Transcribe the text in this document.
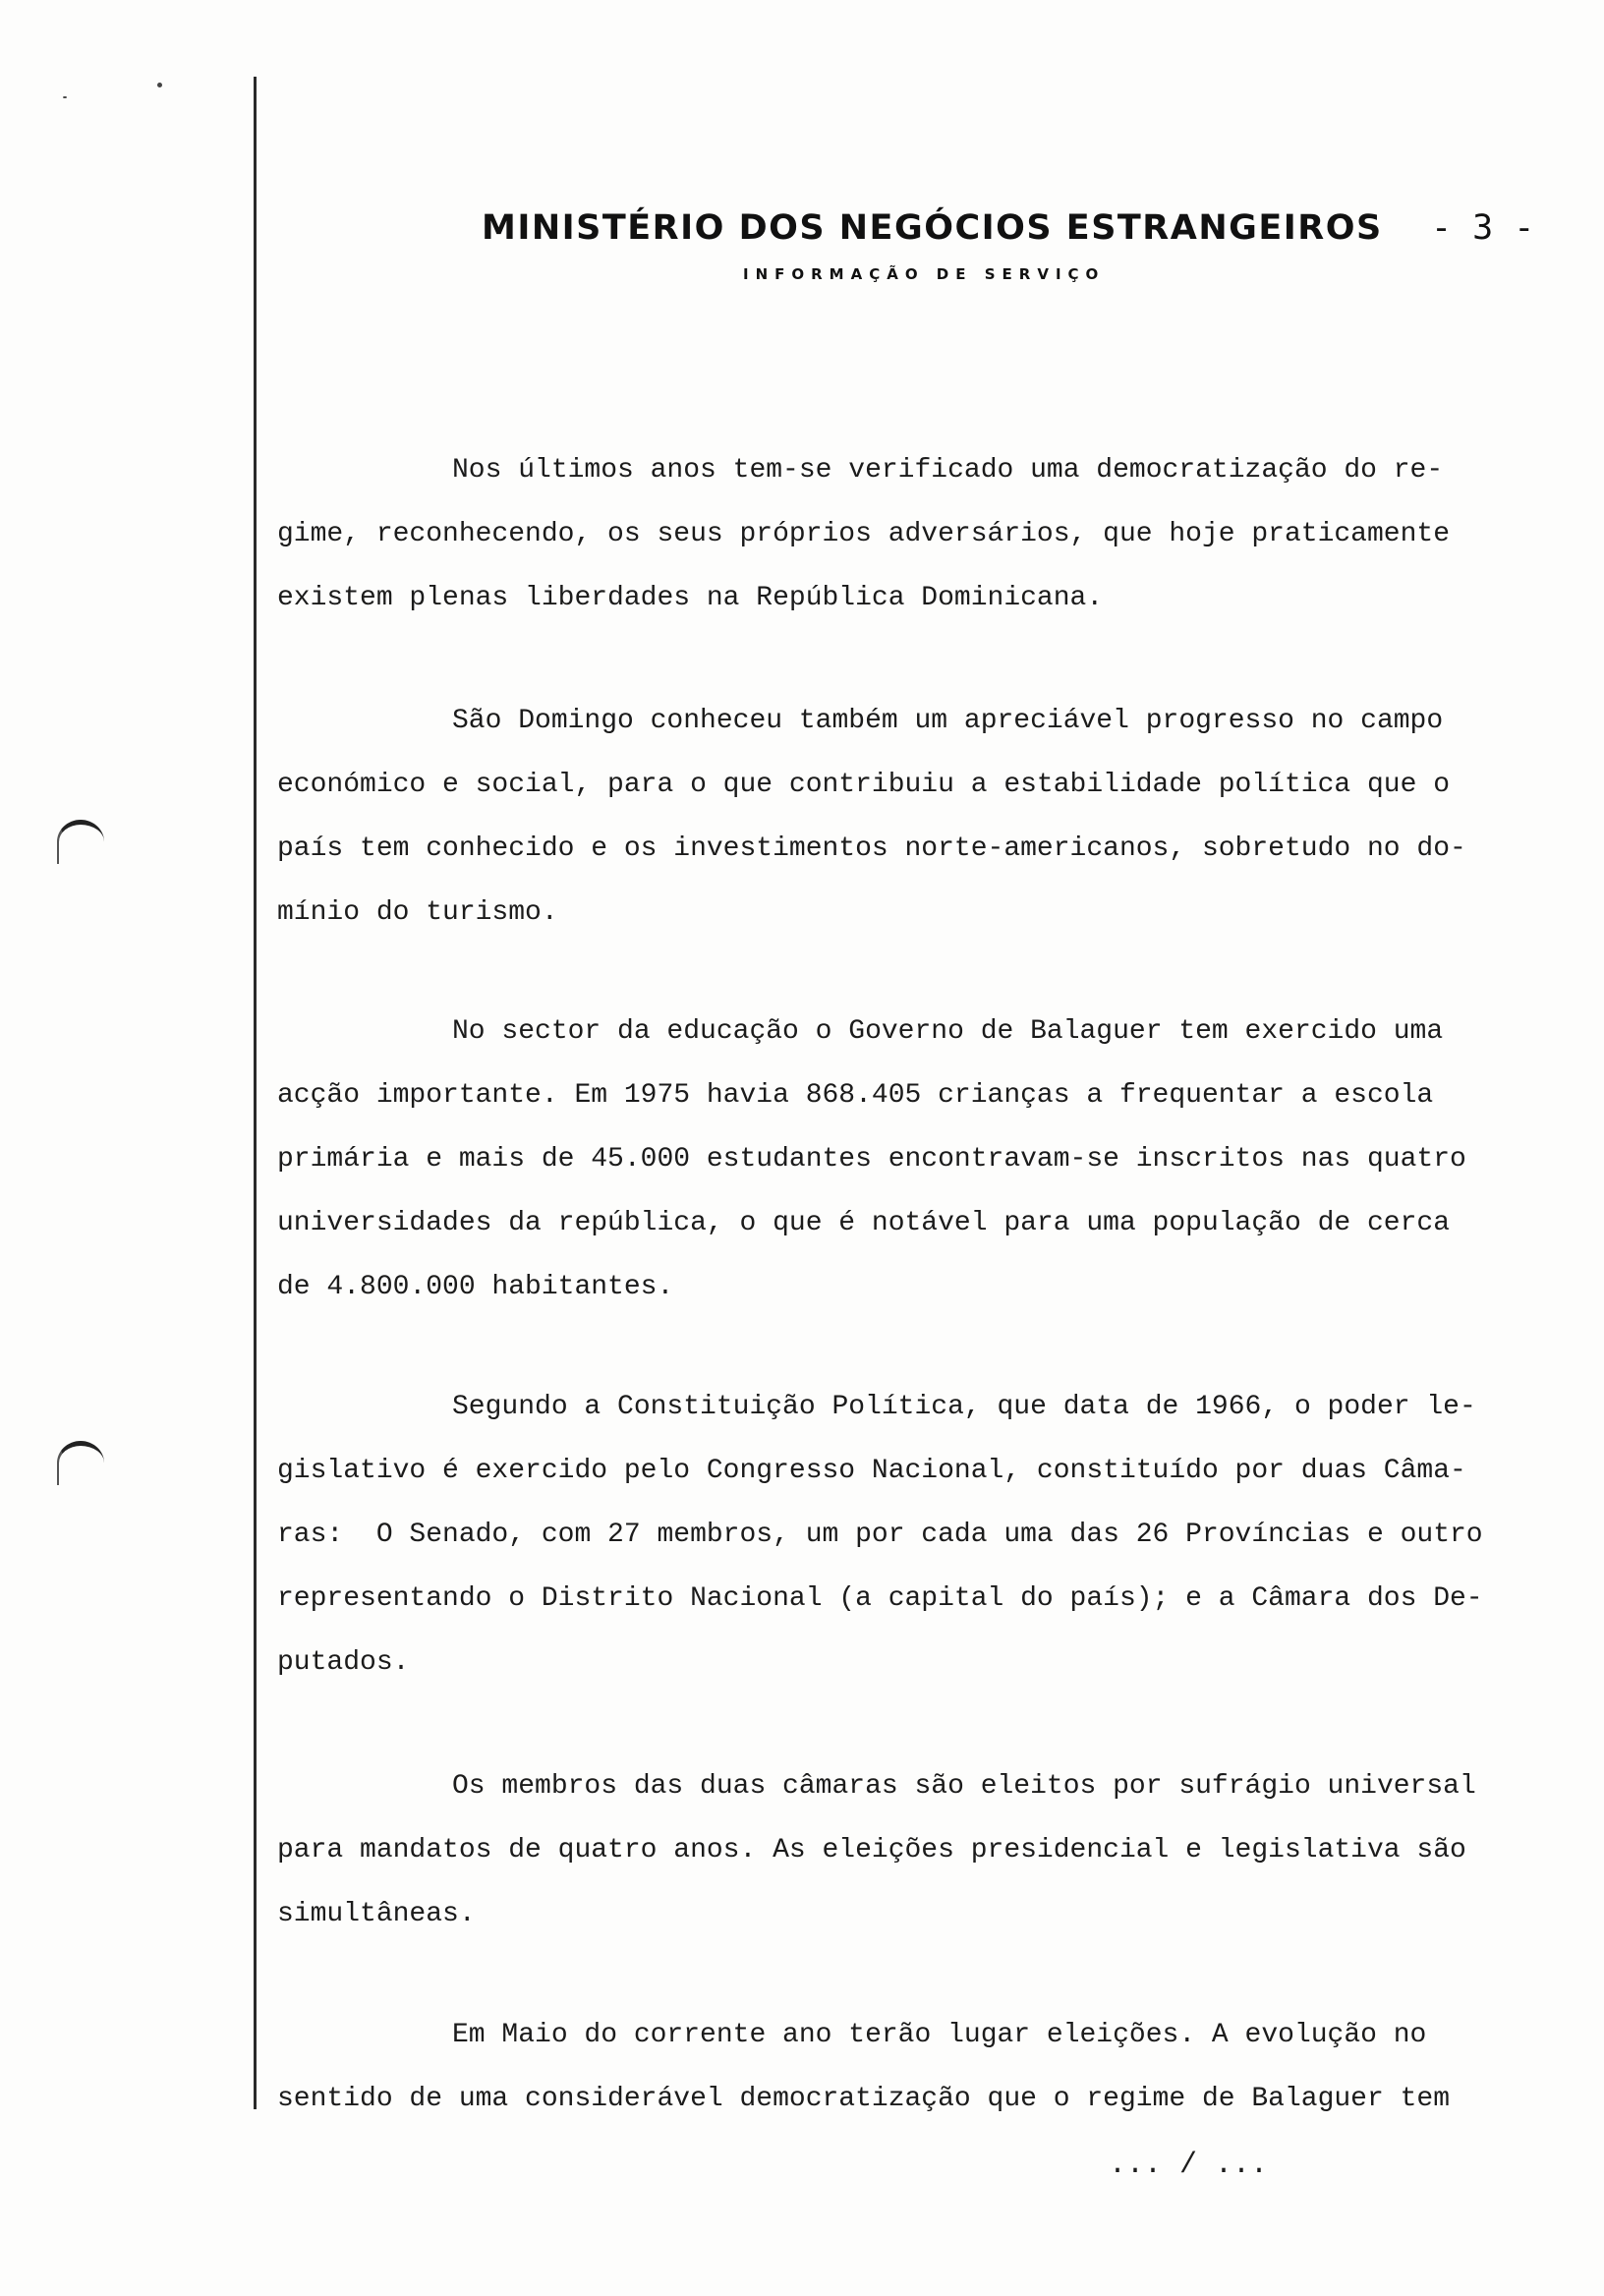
MINISTÉRIO DOS NEGÓCIOS ESTRANGEIROS - 3 -
INFORMAÇÃO DE SERVIÇO
Nos últimos anos tem-se verificado uma democratização do re-
gime, reconhecendo, os seus próprios adversários, que hoje praticamente
existem plenas liberdades na República Dominicana.
São Domingo conheceu também um apreciável progresso no campo
económico e social, para o que contribuiu a estabilidade política que o
país tem conhecido e os investimentos norte-americanos, sobretudo no do-
mínio do turismo.
No sector da educação o Governo de Balaguer tem exercido uma
acção importante. Em 1975 havia 868.405 crianças a frequentar a escola
primária e mais de 45.000 estudantes encontravam-se inscritos nas quatro
universidades da república, o que é notável para uma população de cerca
de 4.800.000 habitantes.
Segundo a Constituição Política, que data de 1966, o poder le-
gislativo é exercido pelo Congresso Nacional, constituído por duas Câma-
ras:  O Senado, com 27 membros, um por cada uma das 26 Províncias e outro
representando o Distrito Nacional (a capital do país); e a Câmara dos De-
putados.
Os membros das duas câmaras são eleitos por sufrágio universal
para mandatos de quatro anos. As eleições presidencial e legislativa são
simultâneas.
Em Maio do corrente ano terão lugar eleições. A evolução no
sentido de uma considerável democratização que o regime de Balaguer tem
... / ...
